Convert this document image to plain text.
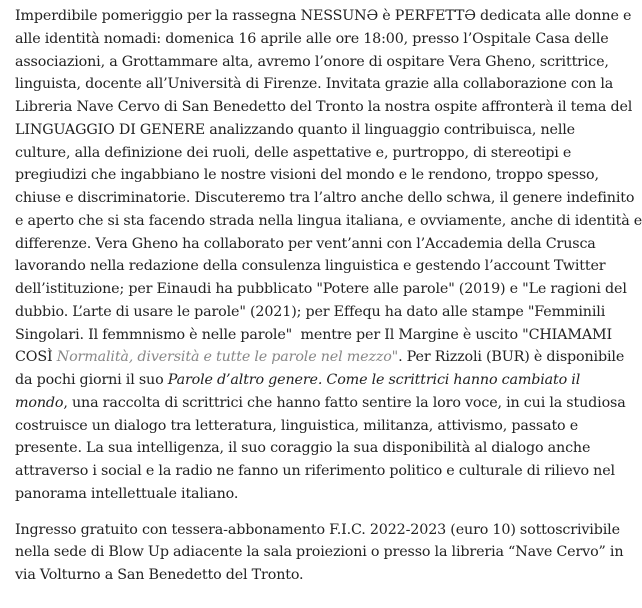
Imperdibile pomeriggio per la rassegna NESSUNƏ è PERFETTƏ dedicata alle donne e
alle identità nomadi: domenica 16 aprile alle ore 18:00, presso l’Ospitale Casa delle
associazioni, a Grottammare alta, avremo l’onore di ospitare Vera Gheno, scrittrice,
linguista, docente all’Università di Firenze. Invitata grazie alla collaborazione con la
Libreria Nave Cervo di San Benedetto del Tronto la nostra ospite affronterà il tema del
LINGUAGGIO DI GENERE analizzando quanto il linguaggio contribuisca, nelle
culture, alla definizione dei ruoli, delle aspettative e, purtroppo, di stereotipi e
pregiudizi che ingabbiano le nostre visioni del mondo e le rendono, troppo spesso,
chiuse e discriminatorie. Discuteremo tra l’altro anche dello schwa, il genere indefinito
e aperto che si sta facendo strada nella lingua italiana, e ovviamente, anche di identità e
differenze. Vera Gheno ha collaborato per vent’anni con l’Accademia della Crusca
lavorando nella redazione della consulenza linguistica e gestendo l’account Twitter
dell’istituzione; per Einaudi ha pubblicato "Potere alle parole" (2019) e "Le ragioni del
dubbio. L’arte di usare le parole" (2021); per Effequ ha dato alle stampe "Femminili
Singolari. Il femmnismo è nelle parole"  mentre per Il Margine è uscito "CHIAMAMI
COSÌ Normalità, diversità e tutte le parole nel mezzo". Per Rizzoli (BUR) è disponibile
da pochi giorni il suo Parole d’altro genere. Come le scrittrici hanno cambiato il
mondo, una raccolta di scrittrici che hanno fatto sentire la loro voce, in cui la studiosa
costruisce un dialogo tra letteratura, linguistica, militanza, attivismo, passato e
presente. La sua intelligenza, il suo coraggio la sua disponibilità al dialogo anche
attraverso i social e la radio ne fanno un riferimento politico e culturale di rilievo nel
panorama intellettuale italiano.

Ingresso gratuito con tessera-abbonamento F.I.C. 2022-2023 (euro 10) sottoscrivibile
nella sede di Blow Up adiacente la sala proiezioni o presso la libreria “Nave Cervo” in
via Volturno a San Benedetto del Tronto.
